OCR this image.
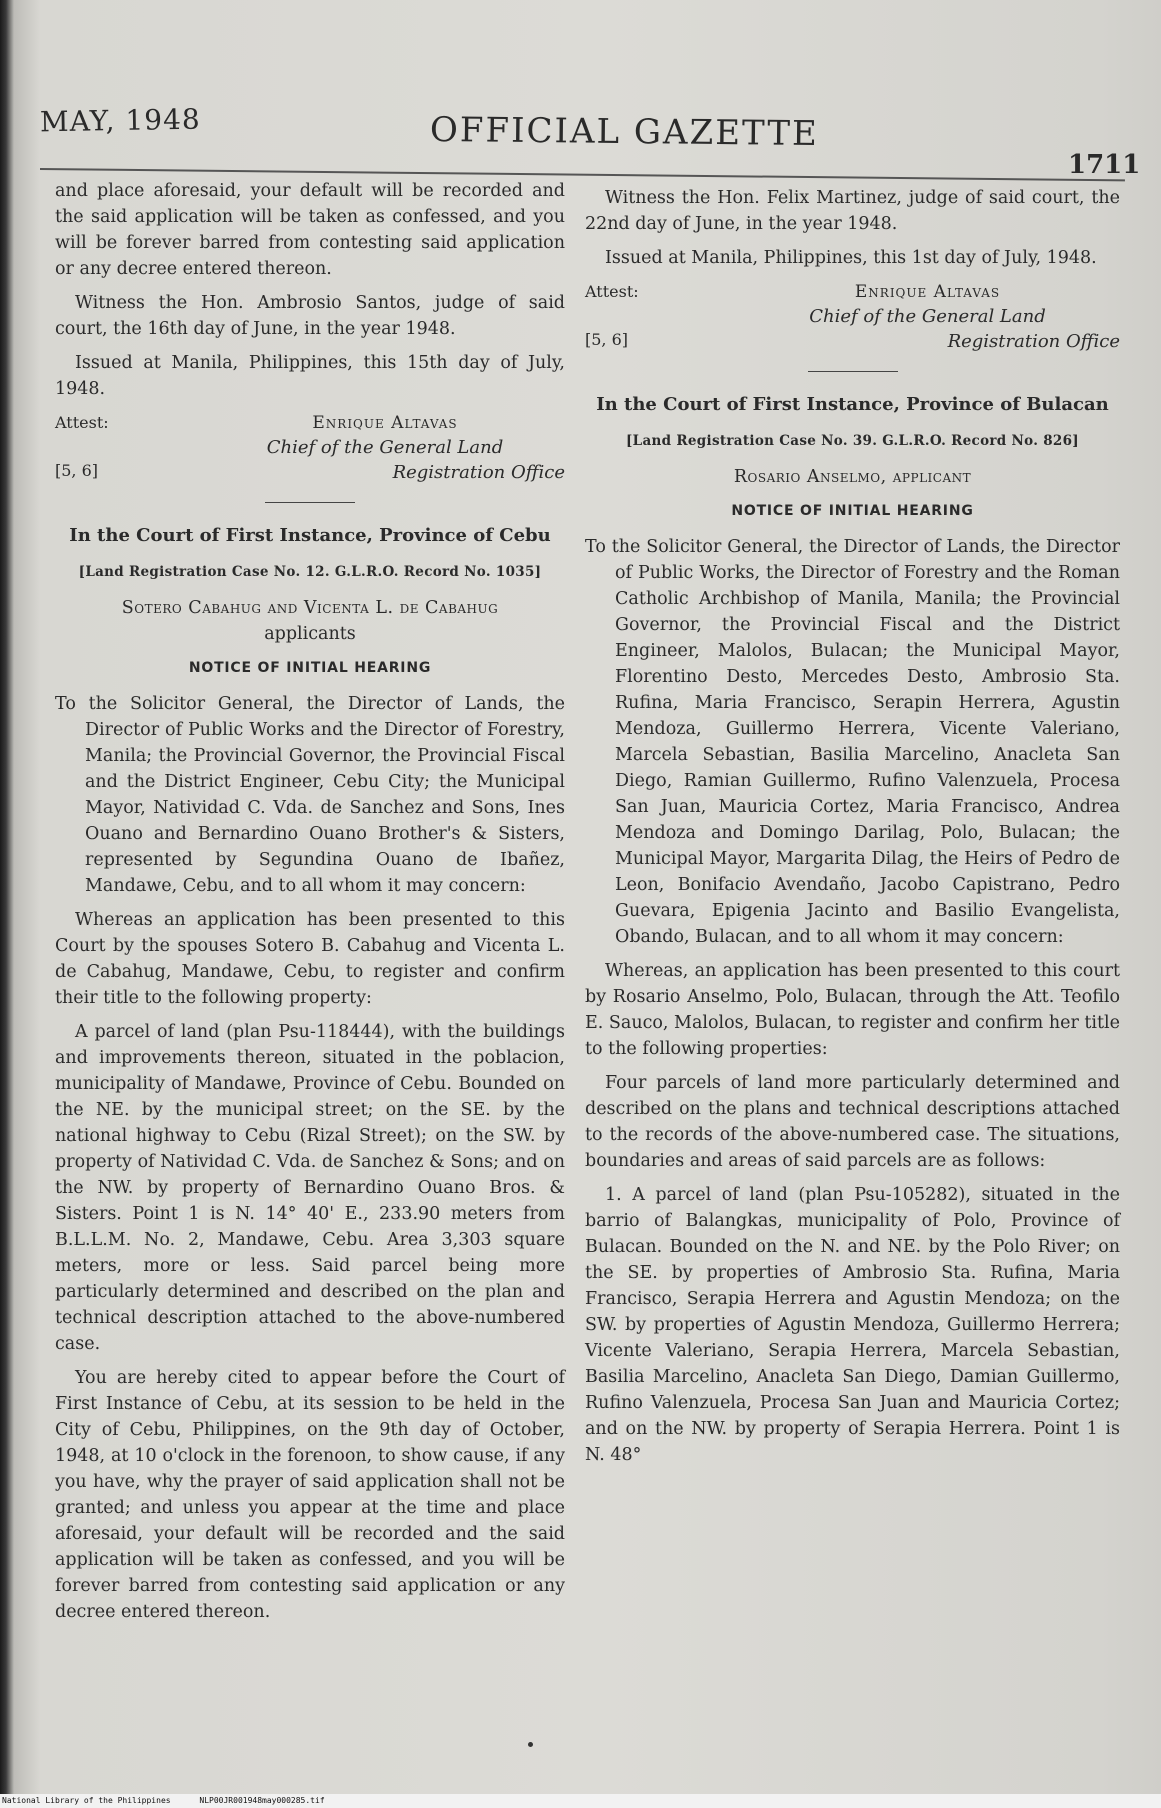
MAY, 1948	OFFICIAL GAZETTE
1711

and place aforesaid, your default will be recorded and the said application will be taken as confessed, and you will be forever barred from contesting said application or any decree entered thereon.

Witness the Hon. Ambrosio Santos, judge of said court, the 16th day of June, in the year 1948.

Issued at Manila, Philippines, this 15th day of July, 1948.

Attest:
[5, 6]
Enrique Altavas
Chief of the General Land
Registration Office
In the Court of First Instance, Province of Cebu
[Land Registration Case No. 12. G.L.R.O. Record No. 1035]
Sotero Cabahug and Vicenta L. de Cabahug
applicants
NOTICE OF INITIAL HEARING

To the Solicitor General, the Director of Lands, the Director of Public Works and the Director of Forestry, Manila; the Provincial Governor, the Provincial Fiscal and the District Engineer, Cebu City; the Municipal Mayor, Natividad C. Vda. de Sanchez and Sons, Ines Ouano and Bernardino Ouano Brother's & Sisters, represented by Segundina Ouano de Ibañez, Mandawe, Cebu, and to all whom it may concern:

Whereas an application has been presented to this Court by the spouses Sotero B. Cabahug and Vicenta L. de Cabahug, Mandawe, Cebu, to register and confirm their title to the following property:

A parcel of land (plan Psu-118444), with the buildings and improvements thereon, situated in the poblacion, municipality of Mandawe, Province of Cebu. Bounded on the NE. by the municipal street; on the SE. by the national highway to Cebu (Rizal Street); on the SW. by property of Natividad C. Vda. de Sanchez & Sons; and on the NW. by property of Bernardino Ouano Bros. & Sisters. Point 1 is N. 14° 40' E., 233.90 meters from B.L.L.M. No. 2, Mandawe, Cebu. Area 3,303 square meters, more or less. Said parcel being more particularly determined and described on the plan and technical description attached to the above-numbered case.

You are hereby cited to appear before the Court of First Instance of Cebu, at its session to be held in the City of Cebu, Philippines, on the 9th day of October, 1948, at 10 o'clock in the forenoon, to show cause, if any you have, why the prayer of said application shall not be granted; and unless you appear at the time and place aforesaid, your default will be recorded and the said application will be taken as confessed, and you will be forever barred from contesting said application or any decree entered thereon.

Witness the Hon. Felix Martinez, judge of said court, the 22nd day of June, in the year 1948.

Issued at Manila, Philippines, this 1st day of July, 1948.

Attest:
[5, 6]
Enrique Altavas
Chief of the General Land
Registration Office
In the Court of First Instance, Province of Bulacan
[Land Registration Case No. 39. G.L.R.O. Record No. 826]
Rosario Anselmo, applicant
NOTICE OF INITIAL HEARING

To the Solicitor General, the Director of Lands, the Director of Public Works, the Director of Forestry and the Roman Catholic Archbishop of Manila, Manila; the Provincial Governor, the Provincial Fiscal and the District Engineer, Malolos, Bulacan; the Municipal Mayor, Florentino Desto, Mercedes Desto, Ambrosio Sta. Rufina, Maria Francisco, Serapin Herrera, Agustin Mendoza, Guillermo Herrera, Vicente Valeriano, Marcela Sebastian, Basilia Marcelino, Anacleta San Diego, Ramian Guillermo, Rufino Valenzuela, Procesa San Juan, Mauricia Cortez, Maria Francisco, Andrea Mendoza and Domingo Darilag, Polo, Bulacan; the Municipal Mayor, Margarita Dilag, the Heirs of Pedro de Leon, Bonifacio Avendaño, Jacobo Capistrano, Pedro Guevara, Epigenia Jacinto and Basilio Evangelista, Obando, Bulacan, and to all whom it may concern:

Whereas, an application has been presented to this court by Rosario Anselmo, Polo, Bulacan, through the Att. Teofilo E. Sauco, Malolos, Bulacan, to register and confirm her title to the following properties:

Four parcels of land more particularly determined and described on the plans and technical descriptions attached to the records of the above-numbered case. The situations, boundaries and areas of said parcels are as follows:

1. A parcel of land (plan Psu-105282), situated in the barrio of Balangkas, municipality of Polo, Province of Bulacan. Bounded on the N. and NE. by the Polo River; on the SE. by properties of Ambrosio Sta. Rufina, Maria Francisco, Serapia Herrera and Agustin Mendoza; on the SW. by properties of Agustin Mendoza, Guillermo Herrera; Vicente Valeriano, Serapia Herrera, Marcela Sebastian, Basilia Marcelino, Anacleta San Diego, Damian Guillermo, Rufino Valenzuela, Procesa San Juan and Mauricia Cortez; and on the NW. by property of Serapia Herrera. Point 1 is N. 48°

National Library of the Philippines	NLP00JR001948may000285.tif
